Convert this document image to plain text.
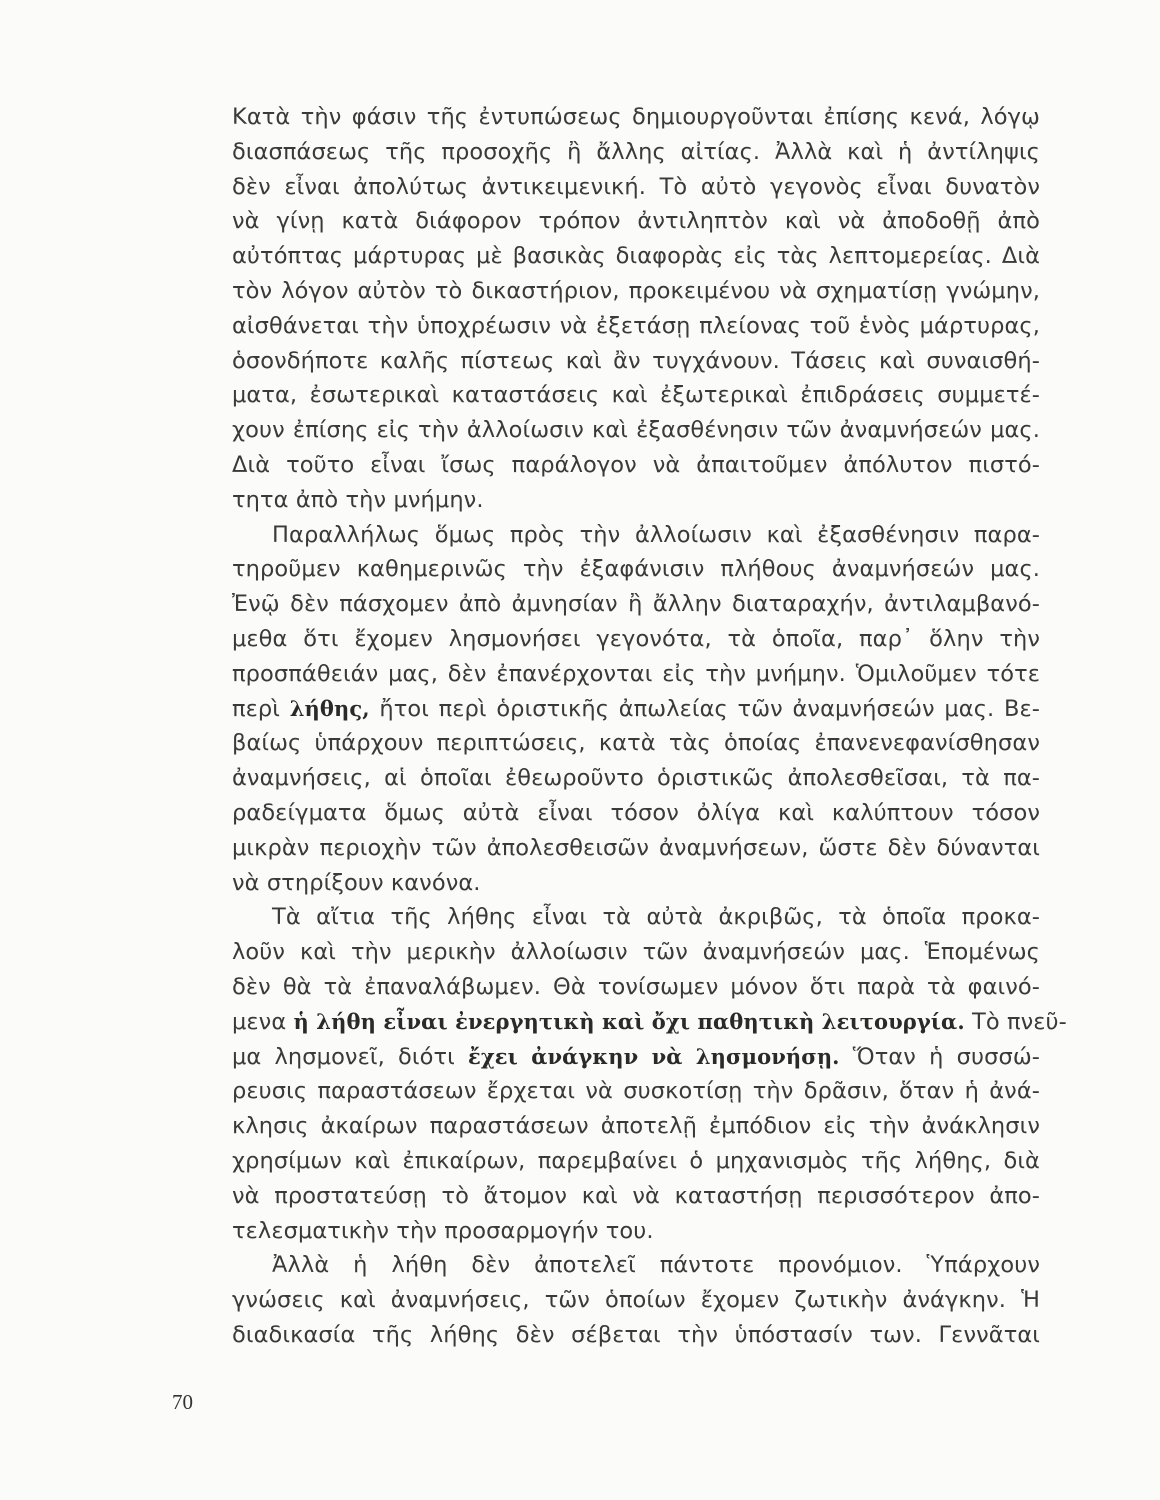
Κατὰ τὴν φάσιν τῆς ἐντυπώσεως δημιουργοῦνται ἐπίσης κενά, λόγῳ
διασπάσεως τῆς προσοχῆς ἢ ἄλλης αἰτίας. Ἀλλὰ καὶ ἡ ἀντίληψις
δὲν εἶναι ἀπολύτως ἀντικειμενική. Τὸ αὐτὸ γεγονὸς εἶναι δυνατὸν
νὰ γίνῃ κατὰ διάφορον τρόπον ἀντιληπτὸν καὶ νὰ ἀποδοθῇ ἀπὸ
αὐτόπτας μάρτυρας μὲ βασικὰς διαφορὰς εἰς τὰς λεπτομερείας. Διὰ
τὸν λόγον αὐτὸν τὸ δικαστήριον, προκειμένου νὰ σχηματίσῃ γνώμην,
αἰσθάνεται τὴν ὑποχρέωσιν νὰ ἐξετάσῃ πλείονας τοῦ ἑνὸς μάρτυρας,
ὁσονδήποτε καλῆς πίστεως καὶ ἂν τυγχάνουν. Τάσεις καὶ συναισθή-
ματα, ἐσωτερικαὶ καταστάσεις καὶ ἐξωτερικαὶ ἐπιδράσεις συμμετέ-
χουν ἐπίσης εἰς τὴν ἀλλοίωσιν καὶ ἐξασθένησιν τῶν ἀναμνήσεών μας.
Διὰ τοῦτο εἶναι ἴσως παράλογον νὰ ἀπαιτοῦμεν ἀπόλυτον πιστό-
τητα ἀπὸ τὴν μνήμην.
Παραλλήλως ὅμως πρὸς τὴν ἀλλοίωσιν καὶ ἐξασθένησιν παρα-
τηροῦμεν καθημερινῶς τὴν ἐξαφάνισιν πλήθους ἀναμνήσεών μας.
Ἐνῷ δὲν πάσχομεν ἀπὸ ἀμνησίαν ἢ ἄλλην διαταραχήν, ἀντιλαμβανό-
μεθα ὅτι ἔχομεν λησμονήσει γεγονότα, τὰ ὁποῖα, παρ᾿ ὅλην τὴν
προσπάθειάν μας, δὲν ἐπανέρχονται εἰς τὴν μνήμην. Ὁμιλοῦμεν τότε
περὶ λήθης, ἤτοι περὶ ὁριστικῆς ἀπωλείας τῶν ἀναμνήσεών μας. Βε-
βαίως ὑπάρχουν περιπτώσεις, κατὰ τὰς ὁποίας ἐπανενεφανίσθησαν
ἀναμνήσεις, αἱ ὁποῖαι ἐθεωροῦντο ὁριστικῶς ἀπολεσθεῖσαι, τὰ πα-
ραδείγματα ὅμως αὐτὰ εἶναι τόσον ὀλίγα καὶ καλύπτουν τόσον
μικρὰν περιοχὴν τῶν ἀπολεσθεισῶν ἀναμνήσεων, ὥστε δὲν δύνανται
νὰ στηρίξουν κανόνα.
Τὰ αἴτια τῆς λήθης εἶναι τὰ αὐτὰ ἀκριβῶς, τὰ ὁποῖα προκα-
λοῦν καὶ τὴν μερικὴν ἀλλοίωσιν τῶν ἀναμνήσεών μας. Ἑπομένως
δὲν θὰ τὰ ἐπαναλάβωμεν. Θὰ τονίσωμεν μόνον ὅτι παρὰ τὰ φαινό-
μενα ἡ λήθη εἶναι ἐνεργητικὴ καὶ ὄχι παθητικὴ λειτουργία. Τὸ πνεῦ-
μα λησμονεῖ, διότι ἔχει ἀνάγκην νὰ λησμονήσῃ. Ὅταν ἡ συσσώ-
ρευσις παραστάσεων ἔρχεται νὰ συσκοτίσῃ τὴν δρᾶσιν, ὅταν ἡ ἀνά-
κλησις ἀκαίρων παραστάσεων ἀποτελῇ ἐμπόδιον εἰς τὴν ἀνάκλησιν
χρησίμων καὶ ἐπικαίρων, παρεμβαίνει ὁ μηχανισμὸς τῆς λήθης, διὰ
νὰ προστατεύσῃ τὸ ἄτομον καὶ νὰ καταστήσῃ περισσότερον ἀπο-
τελεσματικὴν τὴν προσαρμογήν του.
Ἀλλὰ ἡ λήθη δὲν ἀποτελεῖ πάντοτε προνόμιον. Ὑπάρχουν
γνώσεις καὶ ἀναμνήσεις, τῶν ὁποίων ἔχομεν ζωτικὴν ἀνάγκην. Ἡ
διαδικασία τῆς λήθης δὲν σέβεται τὴν ὑπόστασίν των. Γεννᾶται
70
